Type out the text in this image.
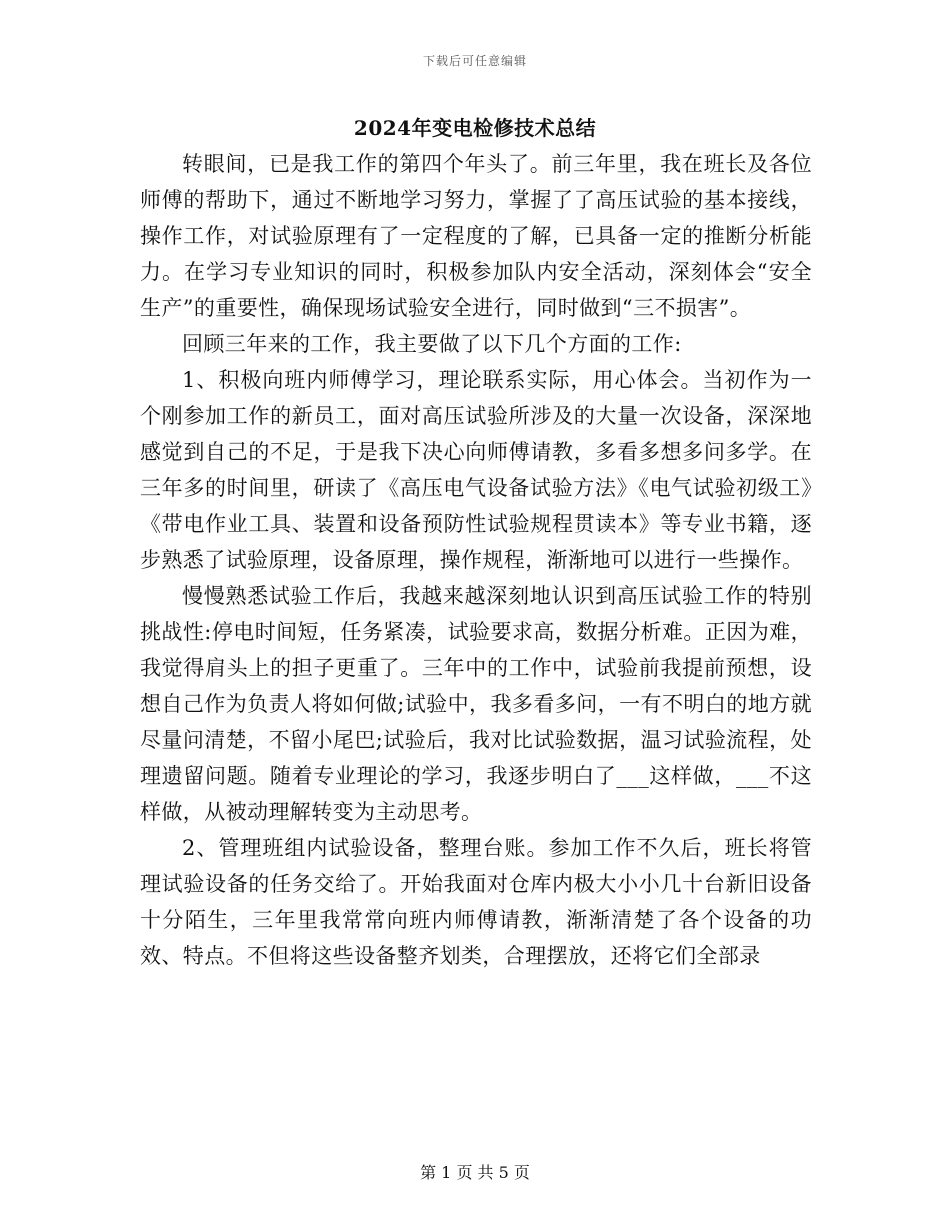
下载后可任意编辑
2024年变电检修技术总结

转眼间，已是我工作的第四个年头了。前三年里，我在班长及各位师傅的帮助下，通过不断地学习努力，掌握了了高压试验的基本接线，操作工作，对试验原理有了一定程度的了解，已具备一定的推断分析能力。在学习专业知识的同时，积极参加队内安全活动，深刻体会“安全生产”的重要性，确保现场试验安全进行，同时做到“三不损害”。

回顾三年来的工作，我主要做了以下几个方面的工作:

1、积极向班内师傅学习，理论联系实际，用心体会。当初作为一个刚参加工作的新员工，面对高压试验所涉及的大量一次设备，深深地感觉到自己的不足，于是我下决心向师傅请教，多看多想多问多学。在三年多的时间里，研读了《高压电气设备试验方法》《电气试验初级工》《带电作业工具、装置和设备预防性试验规程贯读本》等专业书籍，逐步熟悉了试验原理，设备原理，操作规程，渐渐地可以进行一些操作。

慢慢熟悉试验工作后，我越来越深刻地认识到高压试验工作的特别挑战性:停电时间短，任务紧凑，试验要求高，数据分析难。正因为难，我觉得肩头上的担子更重了。三年中的工作中，试验前我提前预想，设想自己作为负责人将如何做;试验中，我多看多问，一有不明白的地方就尽量问清楚，不留小尾巴;试验后，我对比试验数据，温习试验流程，处理遗留问题。随着专业理论的学习，我逐步明白了___这样做，___不这样做，从被动理解转变为主动思考。

2、管理班组内试验设备，整理台账。参加工作不久后，班长将管理试验设备的任务交给了。开始我面对仓库内极大小小几十台新旧设备十分陌生，三年里我常常向班内师傅请教，渐渐清楚了各个设备的功效、特点。不但将这些设备整齐划类，合理摆放，还将它们全部录

第 1 页 共 5 页
